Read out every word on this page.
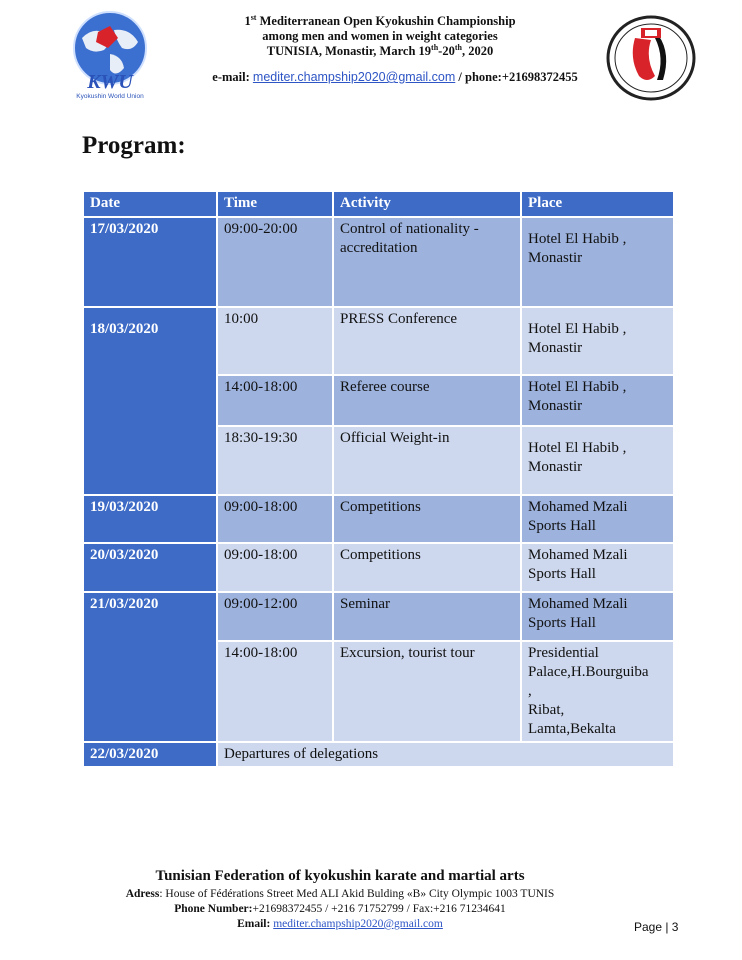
KWU
Kyokushin World Union
1st Mediterranean Open Kyokushin Championship
among men and women in weight categories
TUNISIA, Monastir, March 19th-20th, 2020
e-mail: mediter.champship2020@gmail.com / phone:+21698372455
Program:
Date	Time	Activity	Place
17/03/2020	09:00-20:00	Control of nationality - accreditation	Hotel El Habib , Monastir

18/03/2020	10:00	PRESS Conference	Hotel El Habib , Monastir

	14:00-18:00	Referee course	Hotel El Habib , Monastir
	18:30-19:30	Official Weight-in	Hotel El Habib , Monastir

19/03/2020	09:00-18:00	Competitions	Mohamed Mzali Sports Hall
20/03/2020	09:00-18:00	Competitions	Mohamed Mzali Sports Hall
21/03/2020	09:00-12:00	Seminar	Mohamed Mzali Sports Hall
	14:00-18:00	Excursion, tourist tour	Presidential Palace,H.Bourguiba
,
Ribat,
Lamta,Bekalta

22/03/2020	Departures of delegations		

Tunisian Federation of kyokushin karate and martial arts

Adress: House of Fédérations Street Med ALI Akid Bulding «B» City Olympic 1003 TUNIS

Phone Number:+21698372455 / +216 71752799 / Fax:+216 71234641

Email: mediter.champship2020@gmail.com	Page | 3
